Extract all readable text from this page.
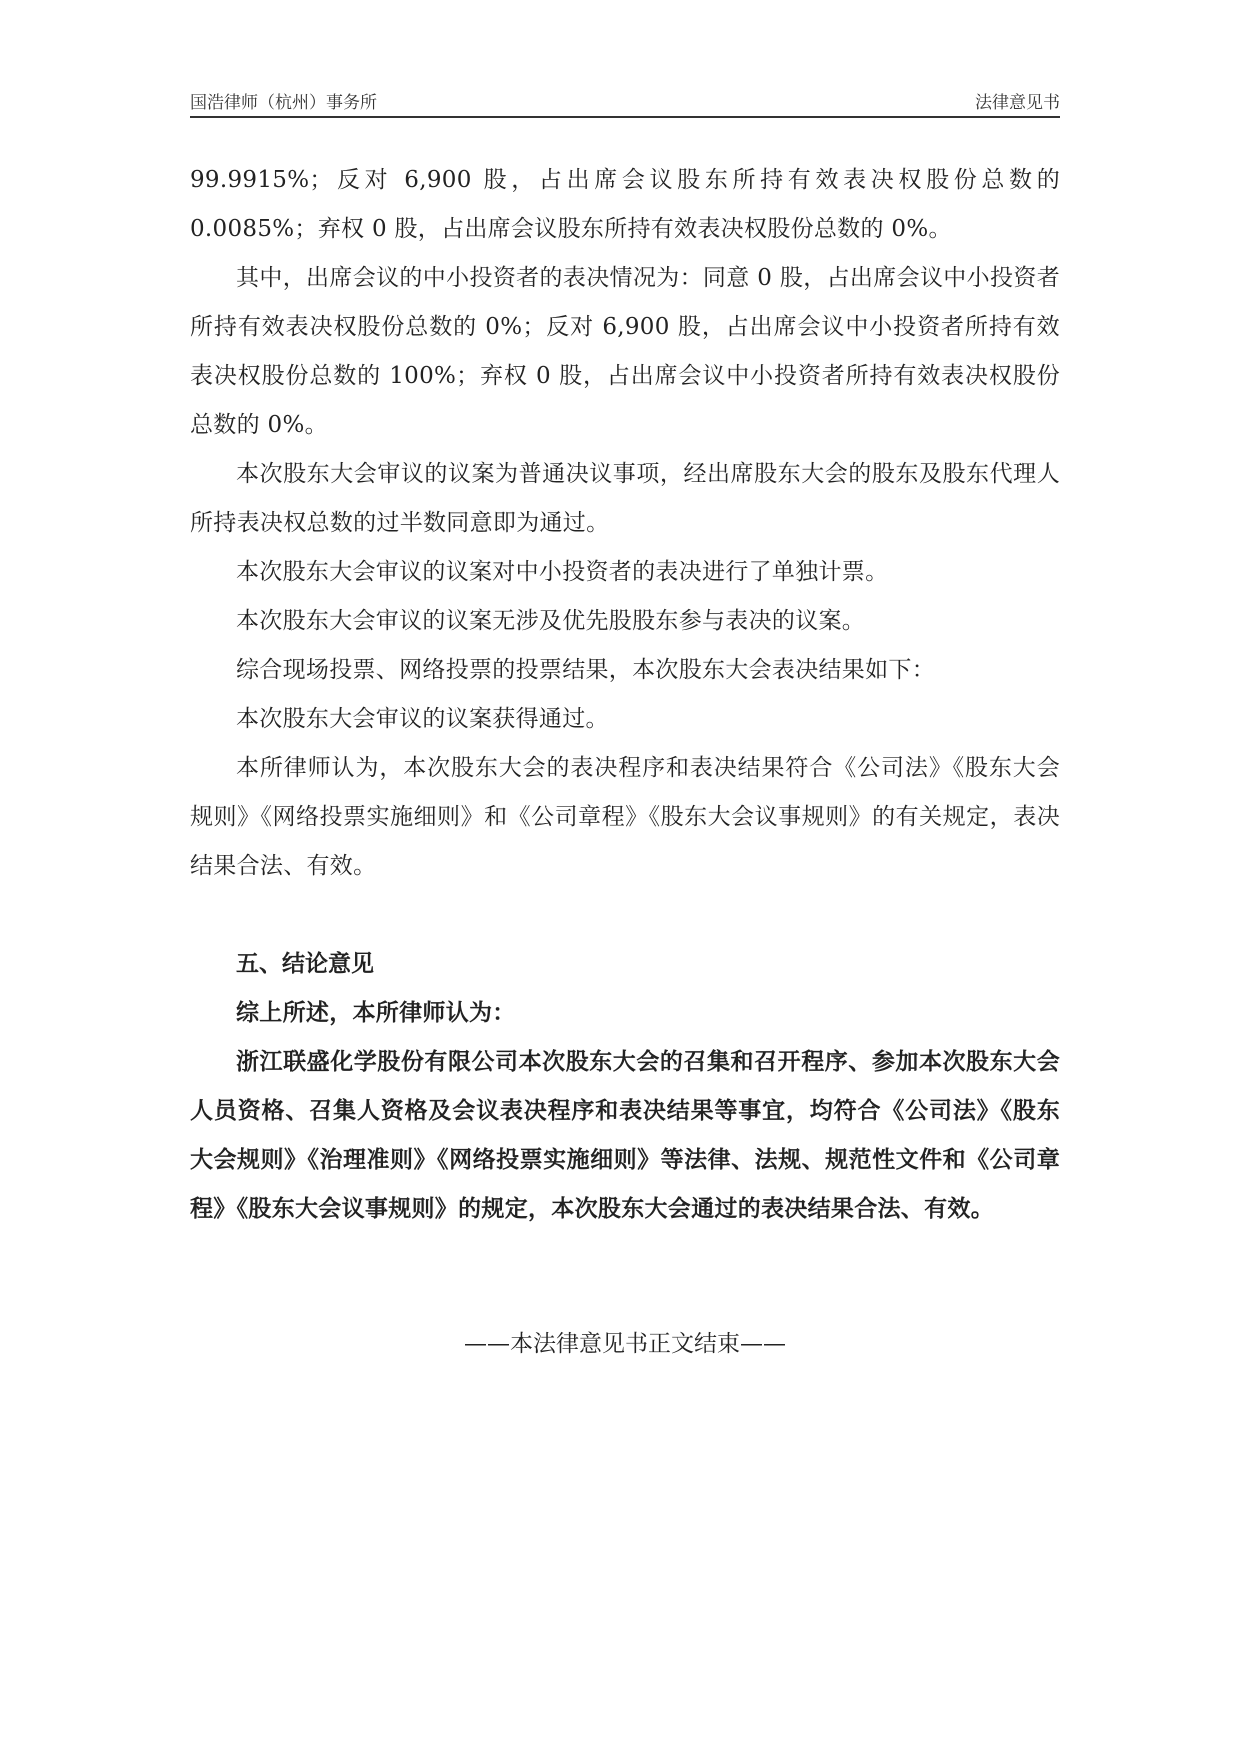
国浩律师（杭州）事务所	法律意见书

99.9915%；反对 6,900 股，占出席会议股东所持有效表决权股份总数的 0.0085%；弃权 0 股，占出席会议股东所持有效表决权股份总数的 0%。

其中，出席会议的中小投资者的表决情况为：同意 0 股，占出席会议中小投资者所持有效表决权股份总数的 0%；反对 6,900 股，占出席会议中小投资者所持有效表决权股份总数的 100%；弃权 0 股，占出席会议中小投资者所持有效表决权股份总数的 0%。

本次股东大会审议的议案为普通决议事项，经出席股东大会的股东及股东代理人所持表决权总数的过半数同意即为通过。

本次股东大会审议的议案对中小投资者的表决进行了单独计票。

本次股东大会审议的议案无涉及优先股股东参与表决的议案。

综合现场投票、网络投票的投票结果，本次股东大会表决结果如下：

本次股东大会审议的议案获得通过。

本所律师认为，本次股东大会的表决程序和表决结果符合《公司法》《股东大会规则》《网络投票实施细则》和《公司章程》《股东大会议事规则》的有关规定，表决结果合法、有效。

五、结论意见

综上所述，本所律师认为：

浙江联盛化学股份有限公司本次股东大会的召集和召开程序、参加本次股东大会人员资格、召集人资格及会议表决程序和表决结果等事宜，均符合《公司法》《股东大会规则》《治理准则》《网络投票实施细则》等法律、法规、规范性文件和《公司章程》《股东大会议事规则》的规定，本次股东大会通过的表决结果合法、有效。

——本法律意见书正文结束——
